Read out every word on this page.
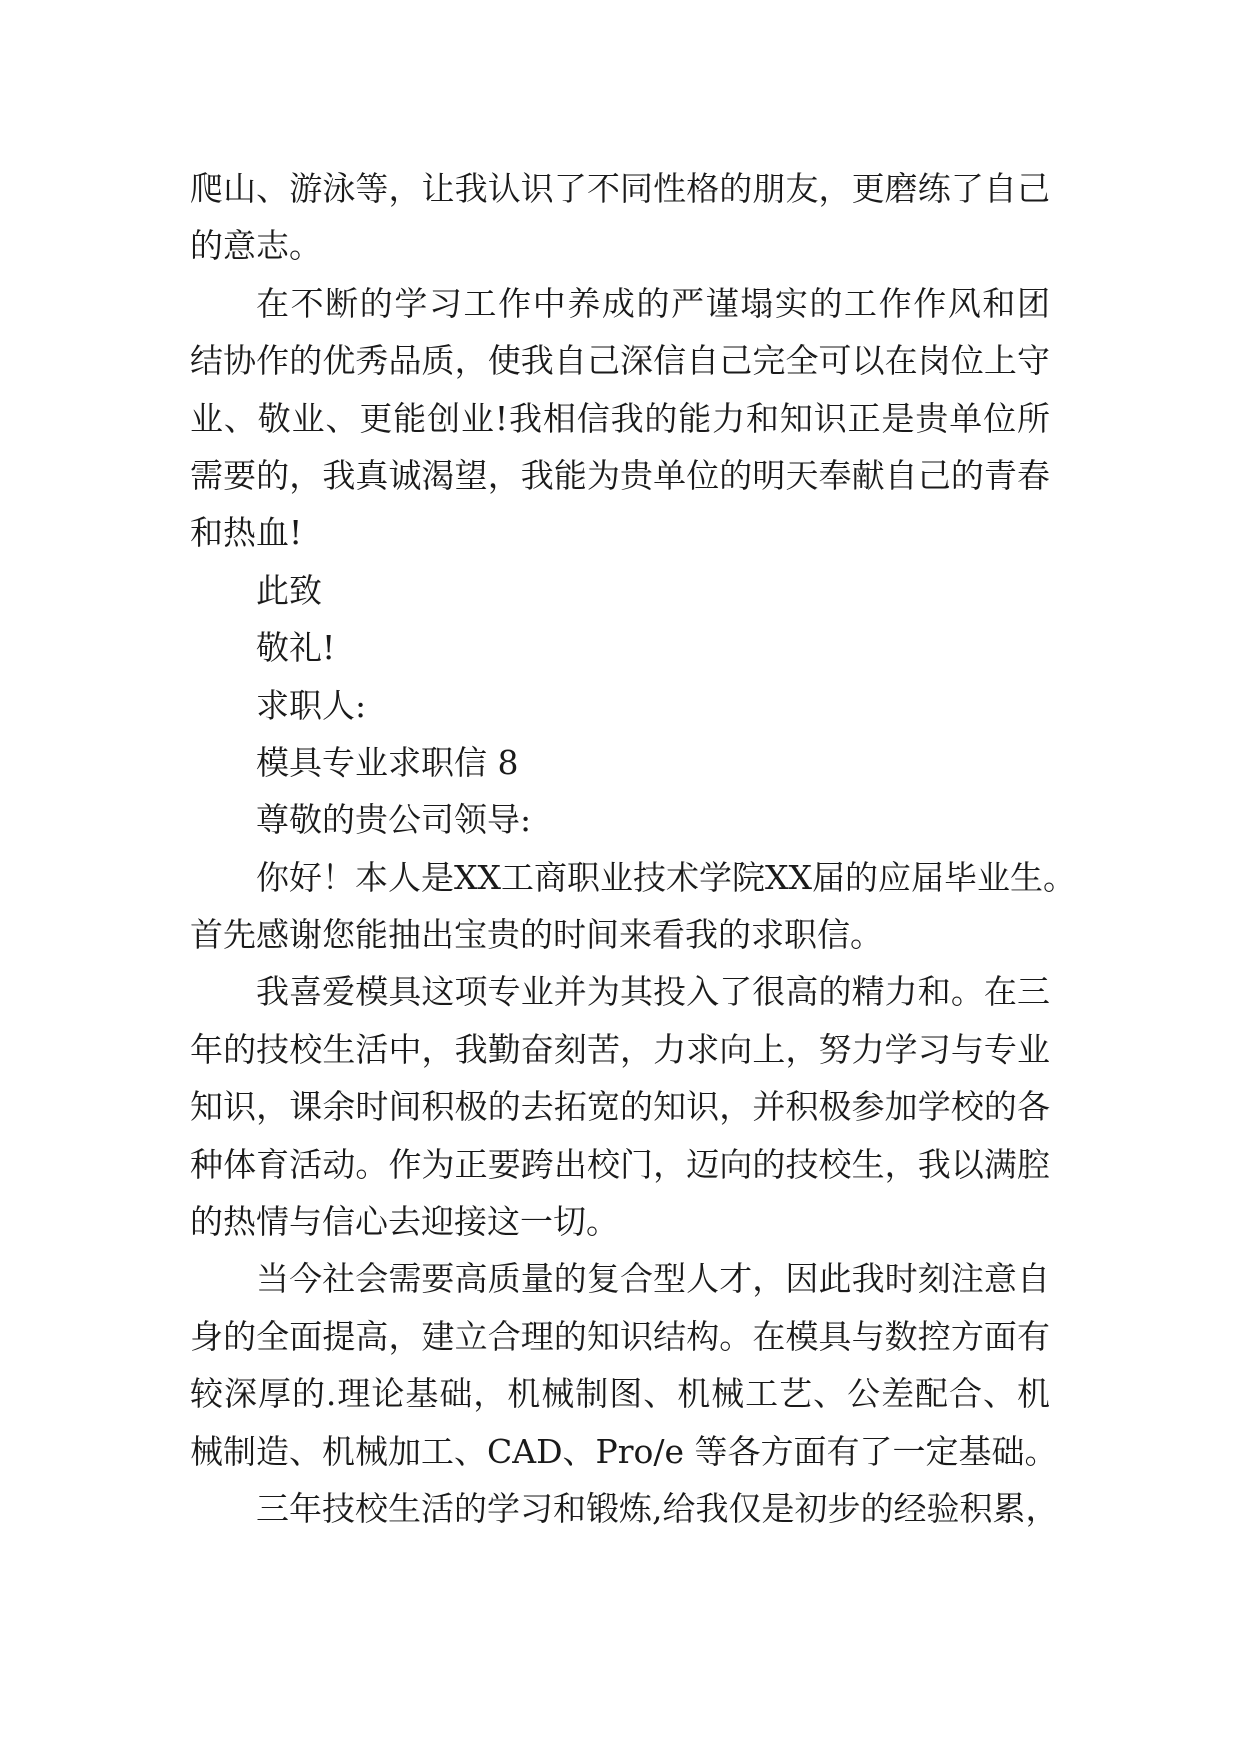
爬山、游泳等，让我认识了不同性格的朋友，更磨练了自己
的意志。
在不断的学习工作中养成的严谨塌实的工作作风和团
结协作的优秀品质，使我自己深信自己完全可以在岗位上守
业、敬业、更能创业!我相信我的能力和知识正是贵单位所
需要的，我真诚渴望，我能为贵单位的明天奉献自己的青春
和热血!
此致
敬礼!
求职人:
模具专业求职信 8
尊敬的贵公司领导:
你好！本人是XX工商职业技术学院XX届的应届毕业生。
首先感谢您能抽出宝贵的时间来看我的求职信。
我喜爱模具这项专业并为其投入了很高的精力和。在三
年的技校生活中，我勤奋刻苦，力求向上，努力学习与专业
知识，课余时间积极的去拓宽的知识，并积极参加学校的各
种体育活动。作为正要跨出校门，迈向的技校生，我以满腔
的热情与信心去迎接这一切。
当今社会需要高质量的复合型人才，因此我时刻注意自
身的全面提高，建立合理的知识结构。在模具与数控方面有
较深厚的.理论基础，机械制图、机械工艺、公差配合、机
械制造、机械加工、CAD、Pro/e 等各方面有了一定基础。
三年技校生活的学习和锻炼,给我仅是初步的经验积累，
